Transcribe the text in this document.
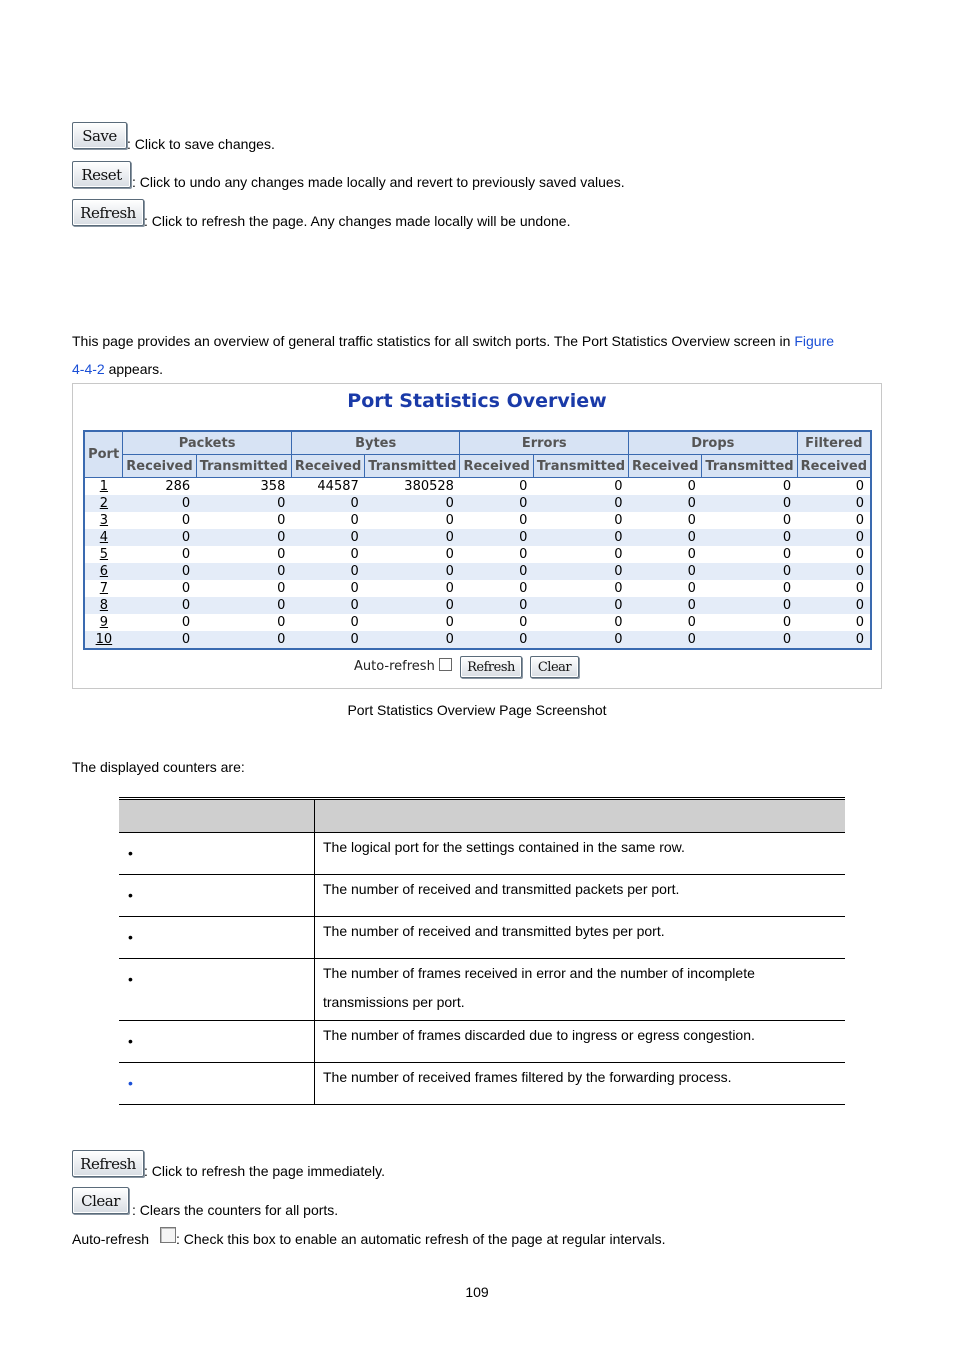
Save : Click to save changes.
Reset : Click to undo any changes made locally and revert to previously saved values.
Refresh : Click to refresh the page. Any changes made locally will be undone.
This page provides an overview of general traffic statistics for all switch ports. The Port Statistics Overview screen in Figure
4-4-2 appears.
Port Statistics Overview
Port	Packets		Bytes		Errors		Drops		Filtered
	Received	Transmitted	Received	Transmitted	Received	Transmitted	Received	Transmitted	Received
1	286	358	44587	380528	0	0	0	0	0
2	0	0	0	0	0	0	0	0	0
3	0	0	0	0	0	0	0	0	0
4	0	0	0	0	0	0	0	0	0
5	0	0	0	0	0	0	0	0	0
6	0	0	0	0	0	0	0	0	0
7	0	0	0	0	0	0	0	0	0
8	0	0	0	0	0	0	0	0	0
9	0	0	0	0	0	0	0	0	0
10	0	0	0	0	0	0	0	0	0
Auto-refresh	Refresh	Clear
Port Statistics Overview Page Screenshot
The displayed counters are:

•	The logical port for the settings contained in the same row.

•	The number of received and transmitted packets per port.

•	The number of received and transmitted bytes per port.

•	The number of frames received in error and the number of incomplete
transmissions per port.

•	The number of frames discarded due to ingress or egress congestion.

•	The number of received frames filtered by the forwarding process.
Refresh : Click to refresh the page immediately.
Clear
: Clears the counters for all ports.
Auto-refresh : Check this box to enable an automatic refresh of the page at regular intervals.
109
